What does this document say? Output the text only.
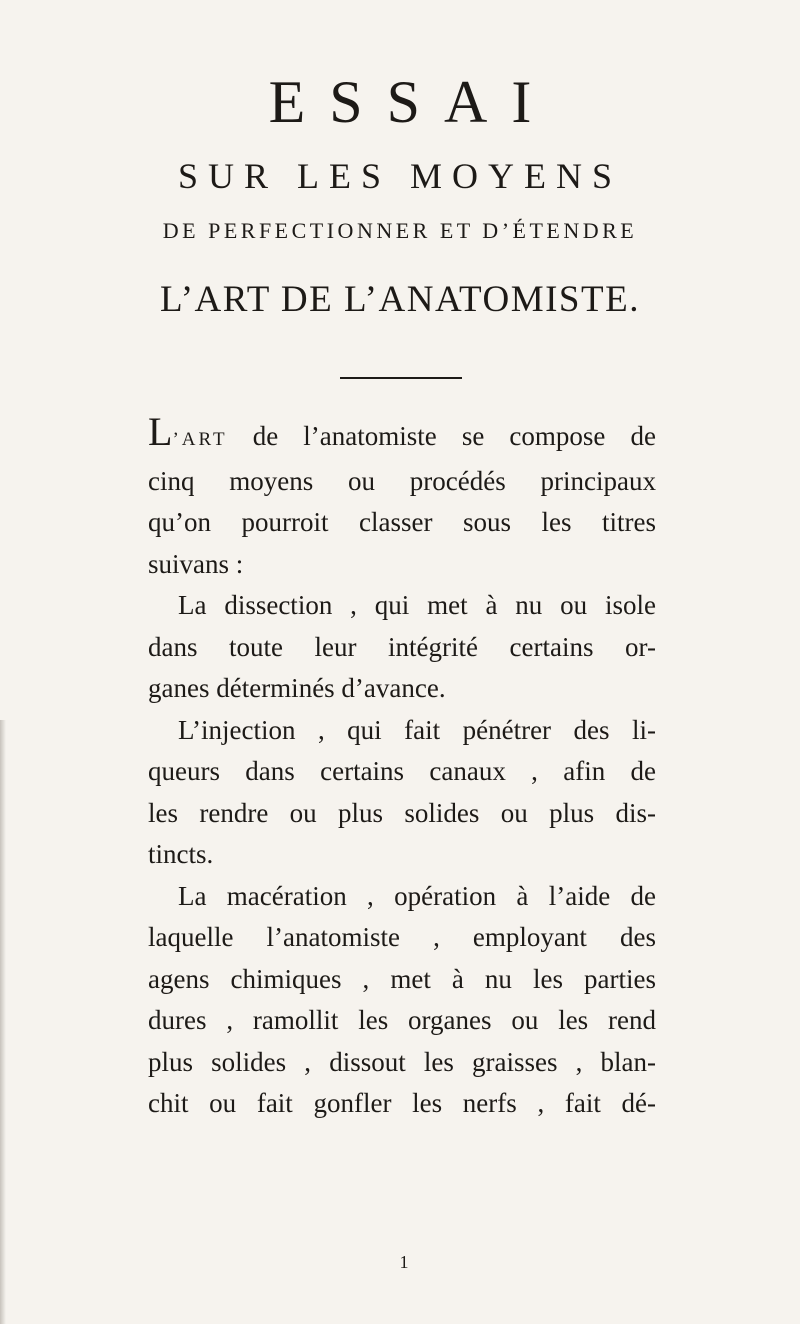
ESSAI
SUR LES MOYENS
DE PERFECTIONNER ET D’ÉTENDRE
L’ART DE L’ANATOMISTE.
L’ART de l’anatomiste se compose de
cinq moyens ou procédés principaux
qu’on pourroit classer sous les titres
suivans :
La dissection , qui met à nu ou isole
dans toute leur intégrité certains or-
ganes déterminés d’avance.
L’injection , qui fait pénétrer des li-
queurs dans certains canaux , afin de
les rendre ou plus solides ou plus dis-
tincts.
La macération , opération à l’aide de
laquelle l’anatomiste , employant des
agens chimiques , met à nu les parties
dures , ramollit les organes ou les rend
plus solides , dissout les graisses , blan-
chit ou fait gonfler les nerfs , fait dé-
1
